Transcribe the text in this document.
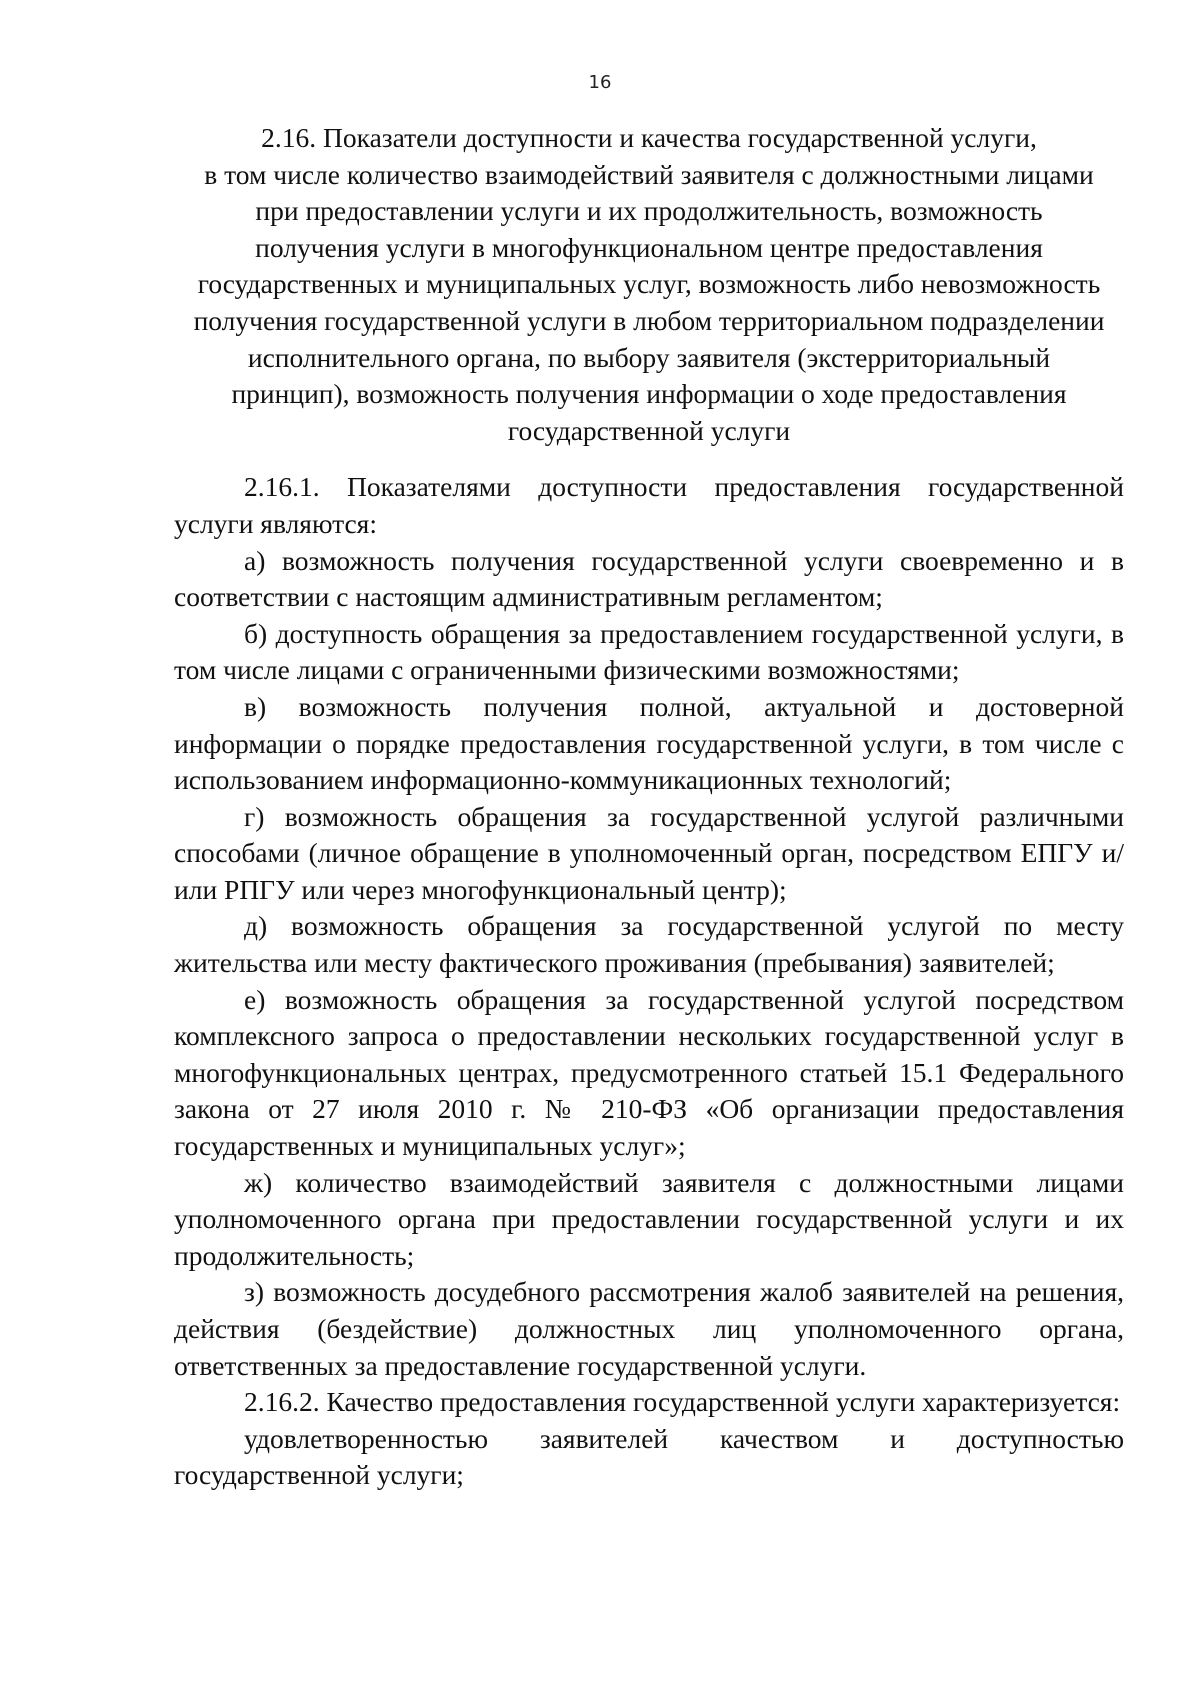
16
2.16. Показатели доступности и качества государственной услуги,
в том числе количество взаимодействий заявителя с должностными лицами
при предоставлении услуги и их продолжительность, возможность
получения услуги в многофункциональном центре предоставления
государственных и муниципальных услуг, возможность либо невозможность
получения государственной услуги в любом территориальном подразделении
исполнительного органа, по выбору заявителя (экстерриториальный
принцип), возможность получения информации о ходе предоставления
государственной услуги

2.16.1. Показателями доступности предоставления государственной услуги являются:

а) возможность получения государственной услуги своевременно и в соответствии с настоящим административным регламентом;

б) доступность обращения за предоставлением государственной услуги, в том числе лицами с ограниченными физическими возможностями;

в) возможность получения полной, актуальной и достоверной информации о порядке предоставления государственной услуги, в том числе с использованием информационно-коммуникационных технологий;

г) возможность обращения за государственной услугой различными способами (личное обращение в уполномоченный орган, посредством ЕПГУ и/или РПГУ или через многофункциональный центр);

д) возможность обращения за государственной услугой по месту жительства или месту фактического проживания (пребывания) заявителей;

е) возможность обращения за государственной услугой посредством комплексного запроса о предоставлении нескольких государственной услуг в многофункциональных центрах, предусмотренного статьей 15.1 Федерального закона от 27 июля 2010 г. № 210-ФЗ «Об организации предоставления государственных и муниципальных услуг»;

ж) количество взаимодействий заявителя с должностными лицами уполномоченного органа при предоставлении государственной услуги и их продолжительность;

з) возможность досудебного рассмотрения жалоб заявителей на решения, действия (бездействие) должностных лиц уполномоченного органа, ответственных за предоставление государственной услуги.

2.16.2. Качество предоставления государственной услуги характеризуется:

удовлетворенностью заявителей качеством и доступностью государственной услуги;
